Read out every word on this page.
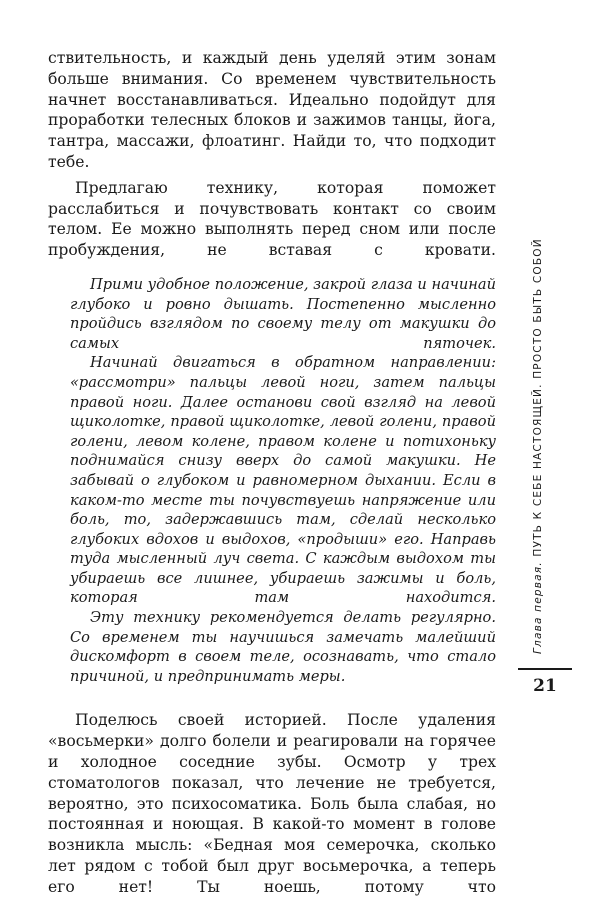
ствительность, и каждый день уделяй этим зонам больше внимания. Со временем чувствительность начнет восстанавливаться. Идеально подойдут для проработки телесных блоков и зажимов танцы, йога, тантра, массажи, флоатинг. Найди то, что подходит тебе.

Предлагаю технику, которая поможет расслабиться и почувствовать контакт со своим телом. Ее можно выполнять перед сном или после пробуждения, не вставая с кровати.

Прими удобное положение, закрой глаза и начинай глубоко и ровно дышать. Постепенно мысленно пройдись взглядом по своему телу от макушки до самых пяточек.

Начинай двигаться в обратном направлении: «рассмотри» пальцы левой ноги, затем пальцы правой ноги. Далее останови свой взгляд на левой щиколотке, правой щиколотке, левой голени, правой голени, левом колене, правом колене и потихоньку поднимайся снизу вверх до самой макушки. Не забывай о глубоком и равномерном дыхании. Если в каком-то месте ты почувствуешь напряжение или боль, то, задержавшись там, сделай несколько глубоких вдохов и выдохов, «продыши» его. Направь туда мысленный луч света. С каждым выдохом ты убираешь все лишнее, убираешь зажимы и боль, которая там находится.

Эту технику рекомендуется делать регулярно. Со временем ты научишься замечать малейший дискомфорт в своем теле, осознавать, что стало причиной, и предпринимать меры.

Поделюсь своей историей. После удаления «восьмерки» долго болели и реагировали на горячее и холодное соседние зубы. Осмотр у трех стоматологов показал, что лечение не требуется, вероятно, это психосоматика. Боль была слабая, но постоянная и ноющая. В какой-то момент в голове возникла мысль: «Бедная моя семерочка, сколько лет рядом с тобой был друг восьмерочка, а теперь его нет! Ты ноешь, потому что

Глава первая. ПУТЬ К СЕБЕ НАСТОЯЩЕЙ. ПРОСТО БЫТЬ СОБОЙ
21
